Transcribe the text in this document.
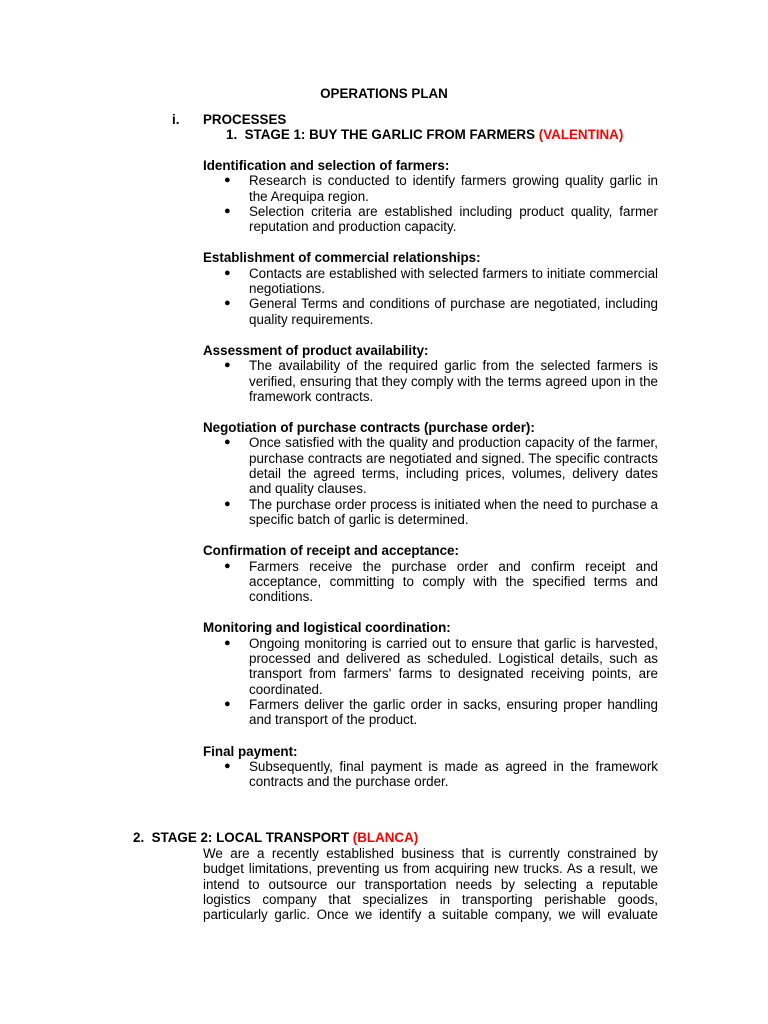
OPERATIONS PLAN
i. PROCESSES
1. STAGE 1: BUY THE GARLIC FROM FARMERS (VALENTINA)

Identification and selection of farmers:

● Research is conducted to identify farmers growing quality garlic in the Arequipa region.
● Selection criteria are established including product quality, farmer reputation and production capacity.

Establishment of commercial relationships:

● Contacts are established with selected farmers to initiate commercial negotiations.
● General Terms and conditions of purchase are negotiated, including quality requirements.

Assessment of product availability:

● The availability of the required garlic from the selected farmers is verified, ensuring that they comply with the terms agreed upon in the framework contracts.

Negotiation of purchase contracts (purchase order):

● Once satisfied with the quality and production capacity of the farmer, purchase contracts are negotiated and signed. The specific contracts detail the agreed terms, including prices, volumes, delivery dates and quality clauses.
● The purchase order process is initiated when the need to purchase a specific batch of garlic is determined.

Confirmation of receipt and acceptance:

● Farmers receive the purchase order and confirm receipt and acceptance, committing to comply with the specified terms and conditions.

Monitoring and logistical coordination:

● Ongoing monitoring is carried out to ensure that garlic is harvested, processed and delivered as scheduled. Logistical details, such as transport from farmers' farms to designated receiving points, are coordinated.
● Farmers deliver the garlic order in sacks, ensuring proper handling and transport of the product.

Final payment:

● Subsequently, final payment is made as agreed in the framework contracts and the purchase order.
2. STAGE 2: LOCAL TRANSPORT (BLANCA)
We are a recently established business that is currently constrained by budget limitations, preventing us from acquiring new trucks. As a result, we intend to outsource our transportation needs by selecting a reputable logistics company that specializes in transporting perishable goods, particularly garlic. Once we identify a suitable company, we will evaluate
